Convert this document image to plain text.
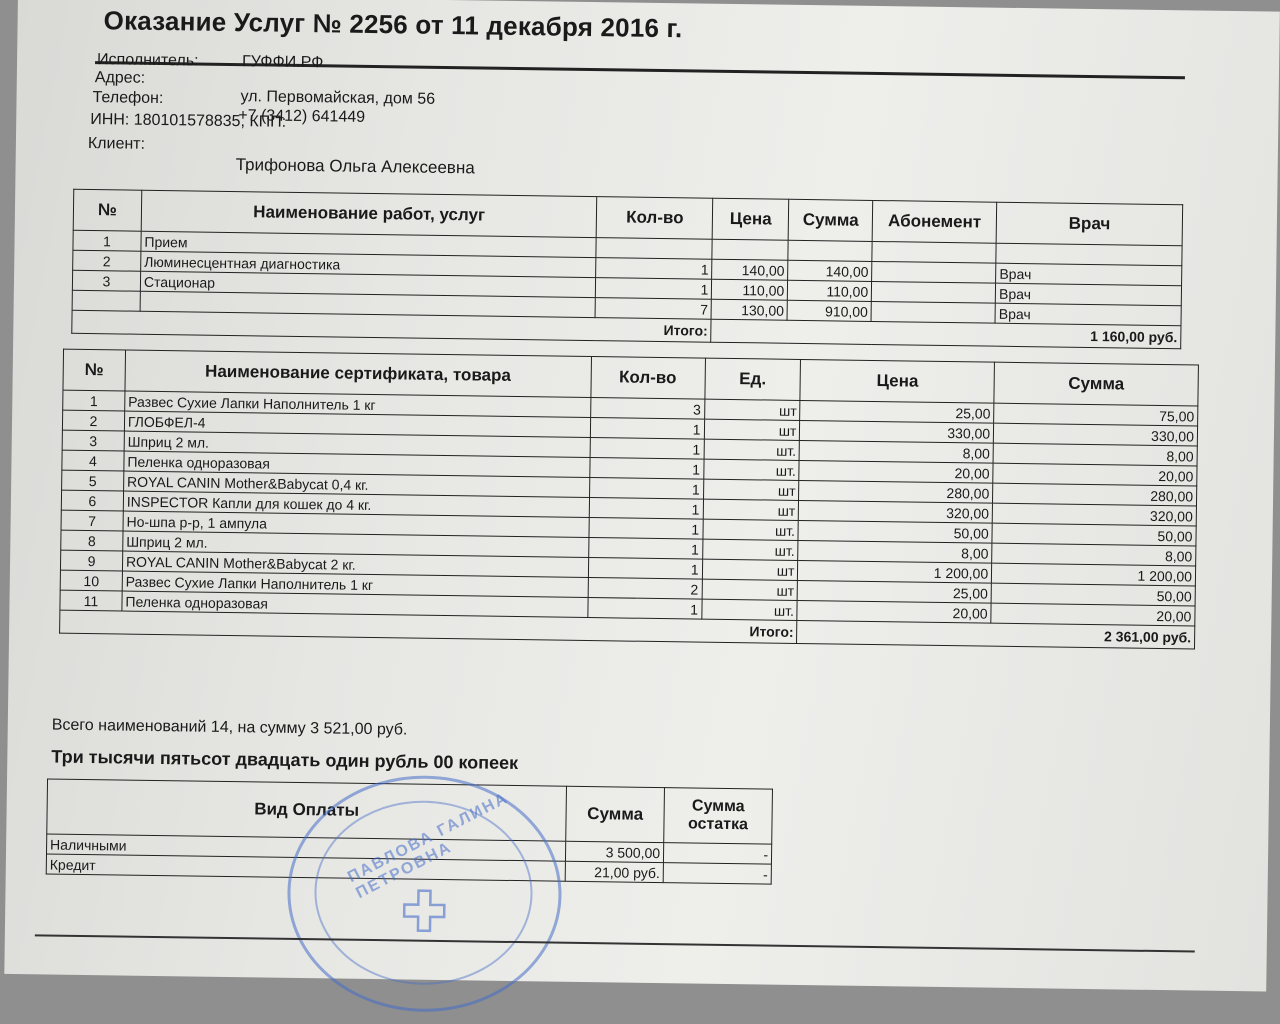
Оказание Услуг № 2256 от 11 декабря 2016 г.
Исполнитель:	ГУФФИ.РФ
Адрес:
ул. Первомайская, дом 56
Телефон:
+7 (3412) 641449
ИНН: 180101578835, КПП:
Клиент:
Трифонова Ольга Алексеевна
№	Наименование работ, услуг	Кол-во	Цена	Сумма	Абонемент	Врач
1	Прием					
2	Люминесцентная диагностика	1	140,00	140,00		Врач
3	Стационар	1	110,00	110,00		Врач
		7	130,00	910,00		Врач
Итого:			1 160,00 руб.			
№	Наименование сертификата, товара	Кол-во	Ед.	Цена	Сумма
1	Развес Сухие Лапки Наполнитель 1 кг	3	шт	25,00	75,00
2	ГЛОБФЕЛ-4	1	шт	330,00	330,00
3	Шприц 2 мл.	1	шт.	8,00	8,00
4	Пеленка одноразовая	1	шт.	20,00	20,00
5	ROYAL CANIN Mother&Babycat 0,4 кг.	1	шт	280,00	280,00
6	INSPECTOR Капли для кошек до 4 кг.	1	шт	320,00	320,00
7	Но-шпа р-р, 1 ампула	1	шт.	50,00	50,00
8	Шприц 2 мл.	1	шт.	8,00	8,00
9	ROYAL CANIN Mother&Babycat 2 кг.	1	шт	1 200,00	1 200,00
10	Развес Сухие Лапки Наполнитель 1 кг	2	шт	25,00	50,00
11	Пеленка одноразовая	1	шт.	20,00	20,00
Итого:				2 361,00 руб.	
Всего наименований 14, на сумму 3 521,00 руб.
Три тысячи пятьсот двадцать один рубль 00 копеек
Вид Оплаты	Сумма	Сумма остатка
Наличными	3 500,00	-
Кредит	21,00 руб.	-
ПАВЛОВА ГАЛИНА ПЕТРОВНА
